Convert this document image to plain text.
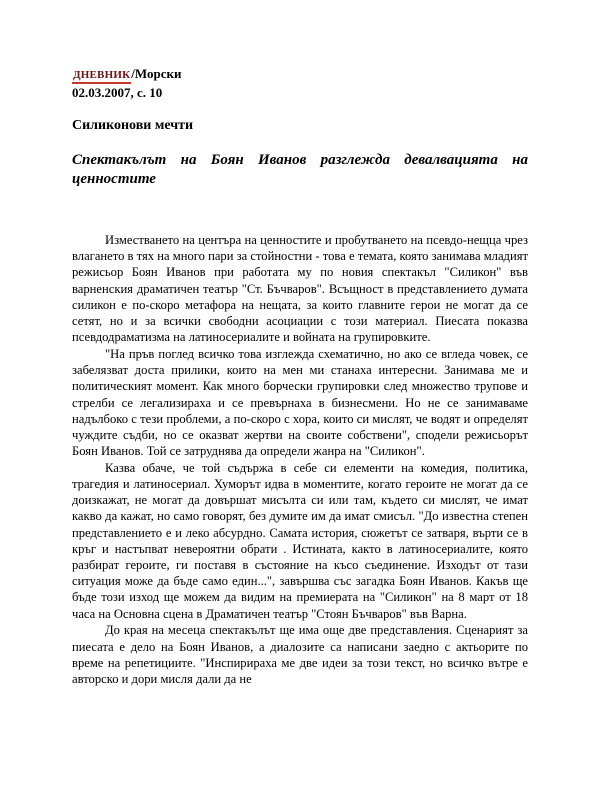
ДНЕВНИК/Морски
02.03.2007, с. 10
Силиконови мечти
Спектакълът на Боян Иванов разглежда девалвацията на ценностите

Изместването на центъра на ценностите и пробутването на псевдо-нещца чрез влагането в тях на много пари за стойностни - това е темата, която занимава младият режисьор Боян Иванов при работата му по новия спектакъл "Силикон" във варненския драматичен театър "Ст. Бъчваров". Всъщност в представлението думата силикон е по-скоро метафора на нещата, за които главните герои не могат да се сетят, но и за всички свободни асоциации с този материал. Пиесата показва псевдодраматизма на латиносериалите и войната на групировките.

"На пръв поглед всичко това изглежда схематично, но ако се вгледа човек, се забелязват доста прилики, които на мен ми станаха интересни. Занимава ме и политическият момент. Как много борчески групировки след множество трупове и стрелби се легализираха и се превърнаха в бизнесмени. Но не се занимаваме надълбоко с тези проблеми, а по-скоро с хора, които си мислят, че водят и определят чуждите съдби, но се оказват жертви на своите собствени", сподели режисьорът Боян Иванов. Той се затруднява да определи жанра на "Силикон".

Казва обаче, че той съдържа в себе си елементи на комедия, политика, трагедия и латиносериал. Хуморът идва в моментите, когато героите не могат да се доизкажат, не могат да довършат мисълта си или там, където си мислят, че имат какво да кажат, но само говорят, без думите им да имат смисъл. "До известна степен представлението е и леко абсурдно. Самата история, сюжетът се затваря, върти се в кръг и настъпват невероятни обрати . Истината, както в латиносериалите, която разбират героите, ги поставя в състояние на късо съединение. Изходът от тази ситуация може да бъде само един...", завършва със загадка Боян Иванов. Какъв ще бъде този изход ще можем да видим на премиерата на "Силикон" на 8 март от 18 часа на Основна сцена в Драматичен театър "Стоян Бъчваров" във Варна.

До края на месеца спектакълът ще има още две представления. Сценарият за пиесата е дело на Боян Иванов, а диалозите са написани заедно с актьорите по време на репетициите. "Инспирираха ме две идеи за този текст, но всичко вътре е авторско и дори мисля дали да не
